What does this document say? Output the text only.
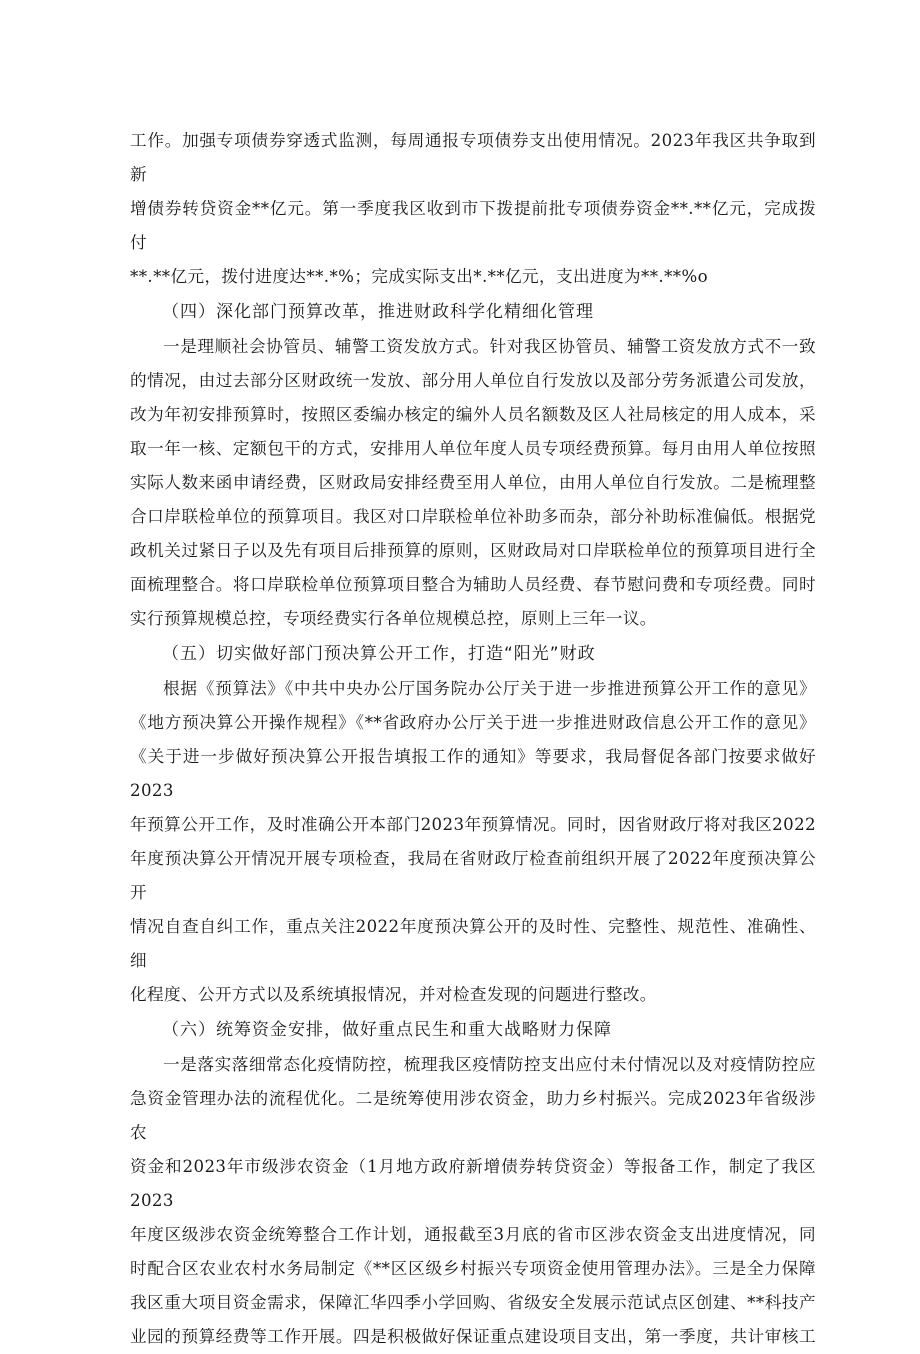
工作。加强专项债券穿透式监测，每周通报专项债券支出使用情况。2023年我区共争取到新

增债券转贷资金**亿元。第一季度我区收到市下拨提前批专项债券资金**.**亿元，完成拨付

**.**亿元，拨付进度达**.*%；完成实际支出*.**亿元，支出进度为**.**%o

（四）深化部门预算改革，推进财政科学化精细化管理

一是理顺社会协管员、辅警工资发放方式。针对我区协管员、辅警工资发放方式不一致

的情况，由过去部分区财政统一发放、部分用人单位自行发放以及部分劳务派遣公司发放，

改为年初安排预算时，按照区委编办核定的编外人员名额数及区人社局核定的用人成本，采

取一年一核、定额包干的方式，安排用人单位年度人员专项经费预算。每月由用人单位按照

实际人数来函申请经费，区财政局安排经费至用人单位，由用人单位自行发放。二是梳理整

合口岸联检单位的预算项目。我区对口岸联检单位补助多而杂，部分补助标准偏低。根据党

政机关过紧日子以及先有项目后排预算的原则，区财政局对口岸联检单位的预算项目进行全

面梳理整合。将口岸联检单位预算项目整合为辅助人员经费、春节慰问费和专项经费。同时

实行预算规模总控，专项经费实行各单位规模总控，原则上三年一议。

（五）切实做好部门预决算公开工作，打造“阳光”财政

根据《预算法》《中共中央办公厅国务院办公厅关于进一步推进预算公开工作的意见》

《地方预决算公开操作规程》《**省政府办公厅关于进一步推进财政信息公开工作的意见》

《关于进一步做好预决算公开报告填报工作的通知》等要求，我局督促各部门按要求做好2023

年预算公开工作，及时准确公开本部门2023年预算情况。同时，因省财政厅将对我区2022

年度预决算公开情况开展专项检查，我局在省财政厅检查前组织开展了2022年度预决算公开

情况自查自纠工作，重点关注2022年度预决算公开的及时性、完整性、规范性、准确性、细

化程度、公开方式以及系统填报情况，并对检查发现的问题进行整改。

（六）统筹资金安排，做好重点民生和重大战略财力保障

一是落实落细常态化疫情防控，梳理我区疫情防控支出应付未付情况以及对疫情防控应

急资金管理办法的流程优化。二是统筹使用涉农资金，助力乡村振兴。完成2023年省级涉农

资金和2023年市级涉农资金（1月地方政府新增债券转贷资金）等报备工作，制定了我区2023

年度区级涉农资金统筹整合工作计划，通报截至3月底的省市区涉农资金支出进度情况，同

时配合区农业农村水务局制定《**区区级乡村振兴专项资金使用管理办法》。三是全力保障

我区重大项目资金需求，保障汇华四季小学回购、省级安全发展示范试点区创建、**科技产

业园的预算经费等工作开展。四是积极做好保证重点建设项目支出，第一季度，共计审核工
